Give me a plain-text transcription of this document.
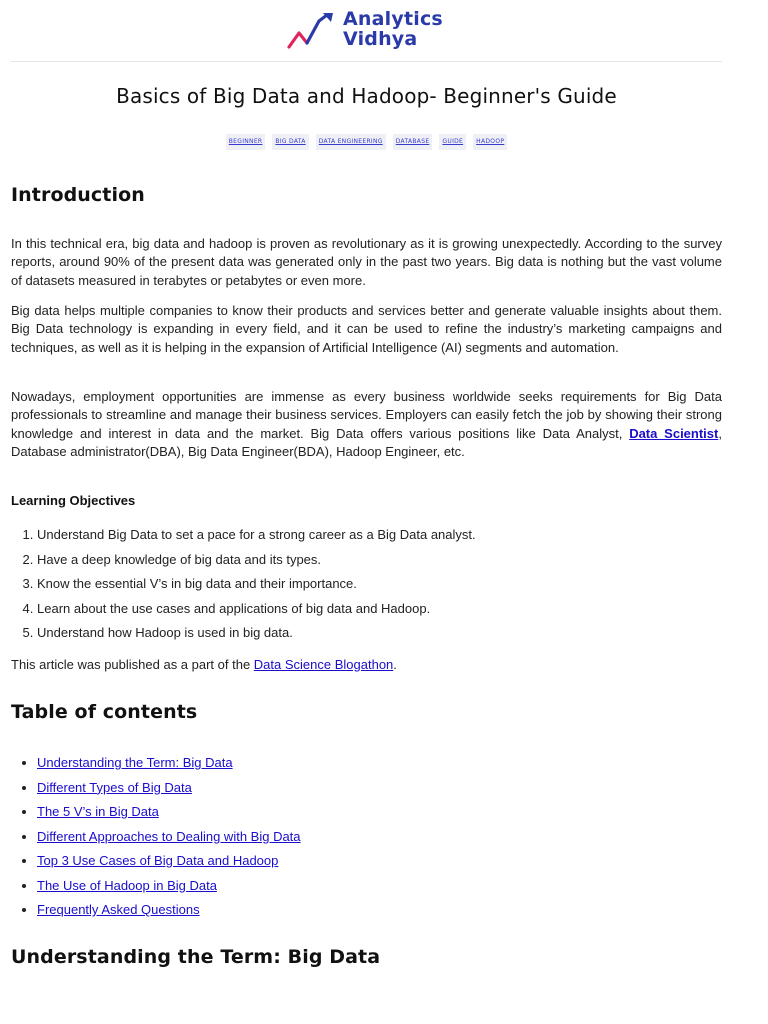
Analytics
Vidhya
Basics of Big Data and Hadoop- Beginner's Guide
BEGINNER	BIG DATA	DATA ENGINEERING	DATABASE	GUIDE	HADOOP
Introduction

In this technical era, big data and hadoop is proven as revolutionary as it is growing unexpectedly. According to the survey reports, around 90% of the present data was generated only in the past two years. Big data is nothing but the vast volume of datasets measured in terabytes or petabytes or even more.

Big data helps multiple companies to know their products and services better and generate valuable insights about them. Big Data technology is expanding in every field, and it can be used to refine the industry’s marketing campaigns and techniques, as well as it is helping in the expansion of Artificial Intelligence (AI) segments and automation.

Nowadays, employment opportunities are immense as every business worldwide seeks requirements for Big Data professionals to streamline and manage their business services. Employers can easily fetch the job by showing their strong knowledge and interest in data and the market. Big Data offers various positions like Data Analyst, Data Scientist, Database administrator(DBA), Big Data Engineer(BDA), Hadoop Engineer, etc.

Learning Objectives
1. Understand Big Data to set a pace for a strong career as a Big Data analyst.
2. Have a deep knowledge of big data and its types.
3. Know the essential V’s in big data and their importance.
4. Learn about the use cases and applications of big data and Hadoop.
5. Understand how Hadoop is used in big data.
This article was published as a part of the Data Science Blogathon.
Table of contents
• Understanding the Term: Big Data
• Different Types of Big Data
• The 5 V’s in Big Data
• Different Approaches to Dealing with Big Data
• Top 3 Use Cases of Big Data and Hadoop
• The Use of Hadoop in Big Data
• Frequently Asked Questions
Understanding the Term: Big Data
